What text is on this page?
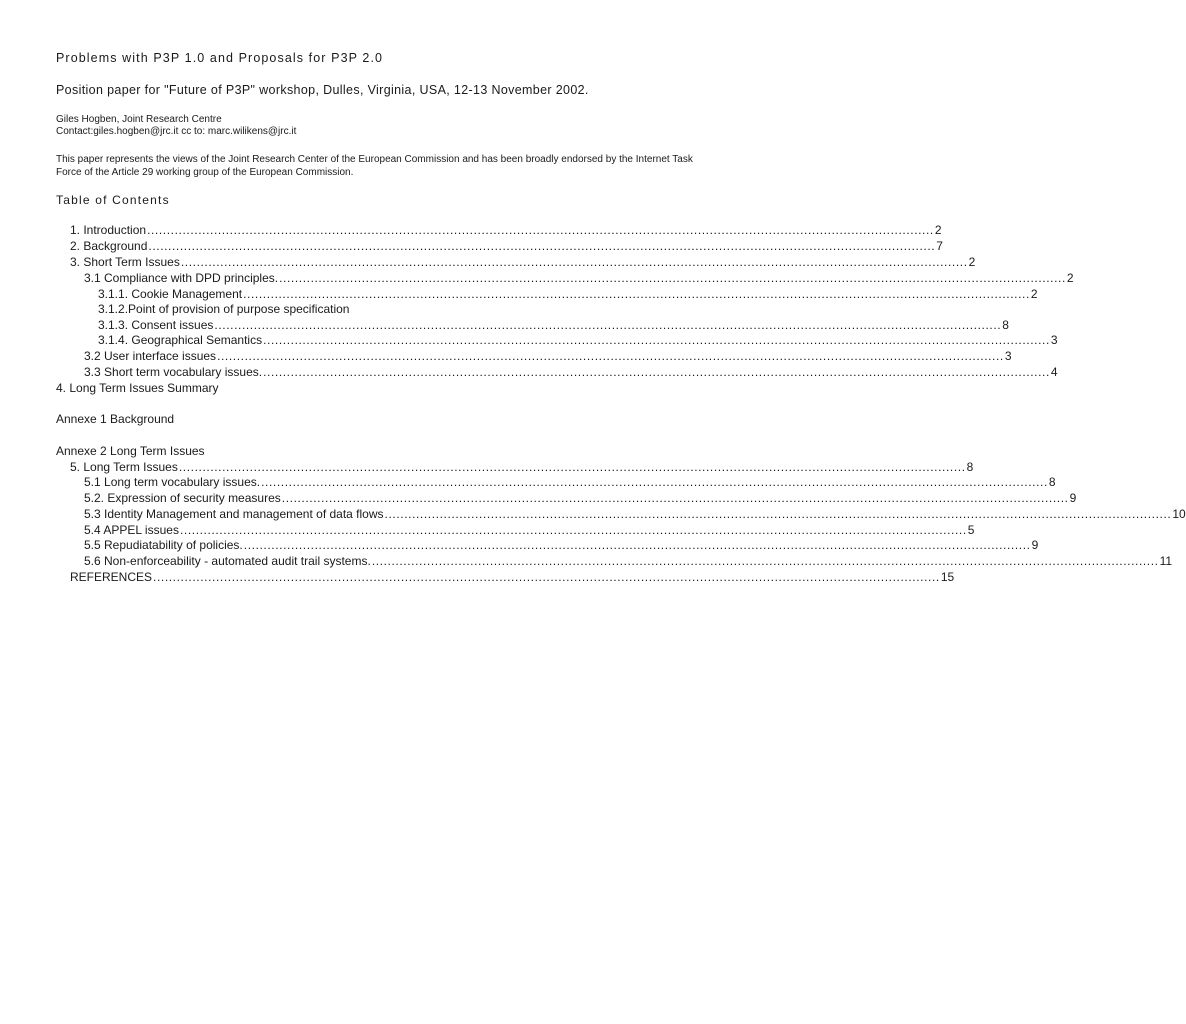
Problems with P3P 1.0 and Proposals for P3P 2.0
Position paper for "Future of P3P" workshop, Dulles, Virginia, USA, 12-13 November 2002.
Giles Hogben, Joint Research Centre
Contact:giles.hogben@jrc.it cc to: marc.wilikens@jrc.it
This paper represents the views of the Joint Research Center of the European Commission and has been broadly endorsed by the Internet Task Force of the Article 29 working group of the European Commission.
Table of Contents
1. Introduction ........................................................................................................................................................................................................ 2
2. Background ........................................................................................................................................................................................................ 7
3. Short Term Issues ........................................................................................................................................................................................................ 2
3.1 Compliance with DPD principles. ........................................................................................................................................................................................................ 2
3.1.1. Cookie Management ........................................................................................................................................................................................................ 2
3.1.2.Point of provision of purpose specification
3.1.3. Consent issues ........................................................................................................................................................................................................ 8
3.1.4. Geographical Semantics ........................................................................................................................................................................................................ 3
3.2 User interface issues ........................................................................................................................................................................................................ 3
3.3 Short term vocabulary issues. ........................................................................................................................................................................................................ 4
4. Long Term Issues Summary
Annexe 1 Background
Annexe 2 Long Term Issues
5. Long Term Issues ........................................................................................................................................................................................................ 8
5.1 Long term vocabulary issues. ........................................................................................................................................................................................................ 8
5.2. Expression of security measures ........................................................................................................................................................................................................ 9
5.3 Identity Management and management of data flows ........................................................................................................................................................................................................ 10
5.4 APPEL issues ........................................................................................................................................................................................................ 5
5.5 Repudiatability of policies. ........................................................................................................................................................................................................ 9
5.6 Non-enforceability - automated audit trail systems. ........................................................................................................................................................................................................ 11
REFERENCES ........................................................................................................................................................................................................ 15
